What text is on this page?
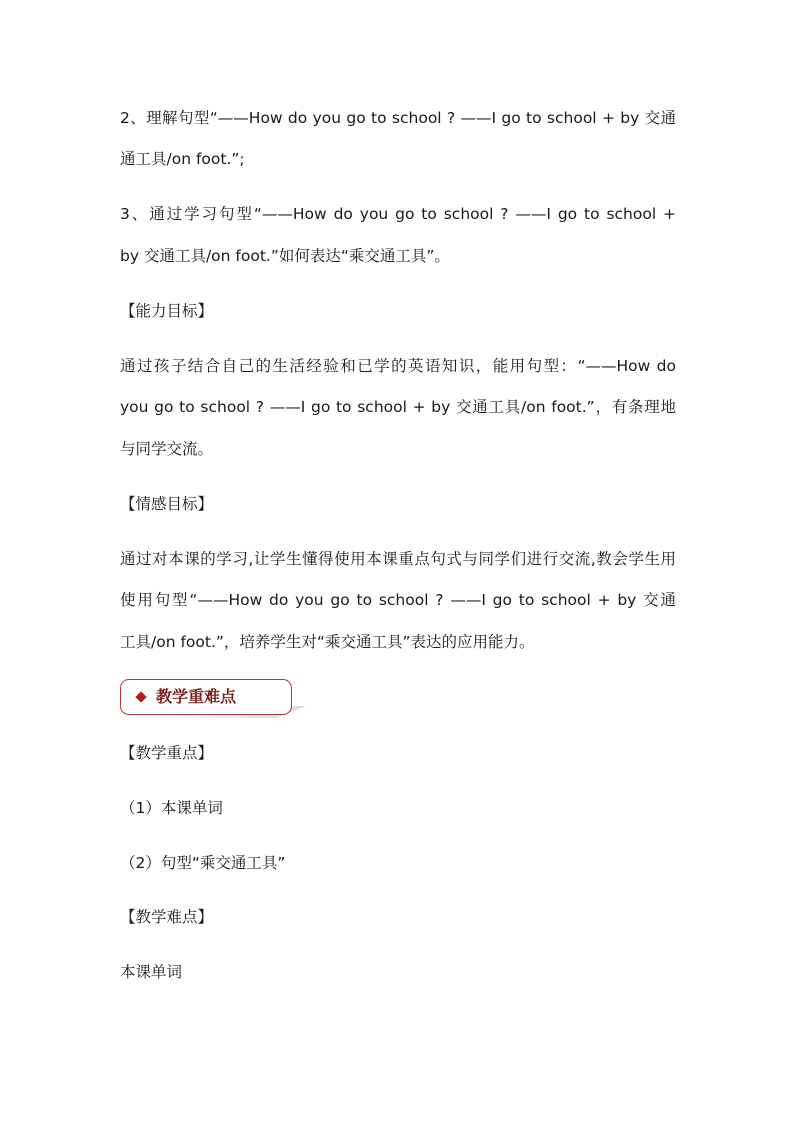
2、理解句型“——How do you go to school ? ——I go to school + by 交通
通工具/on foot.”;
3、通过学习句型“——How do you go to school ? ——I go to school +
by 交通工具/on foot.”如何表达“乘交通工具”。
【能力目标】
通过孩子结合自己的生活经验和已学的英语知识，能用句型：“——How do
you go to school ? ——I go to school + by 交通工具/on foot.”，有条理地
与同学交流。
【情感目标】
通过对本课的学习,让学生懂得使用本课重点句式与同学们进行交流,教会学生用
使用句型“——How do you go to school ? ——I go to school + by 交通
工具/on foot.”，培养学生对“乘交通工具”表达的应用能力。
教学重难点
【教学重点】
（1）本课单词
（2）句型“乘交通工具”
【教学难点】
本课单词
